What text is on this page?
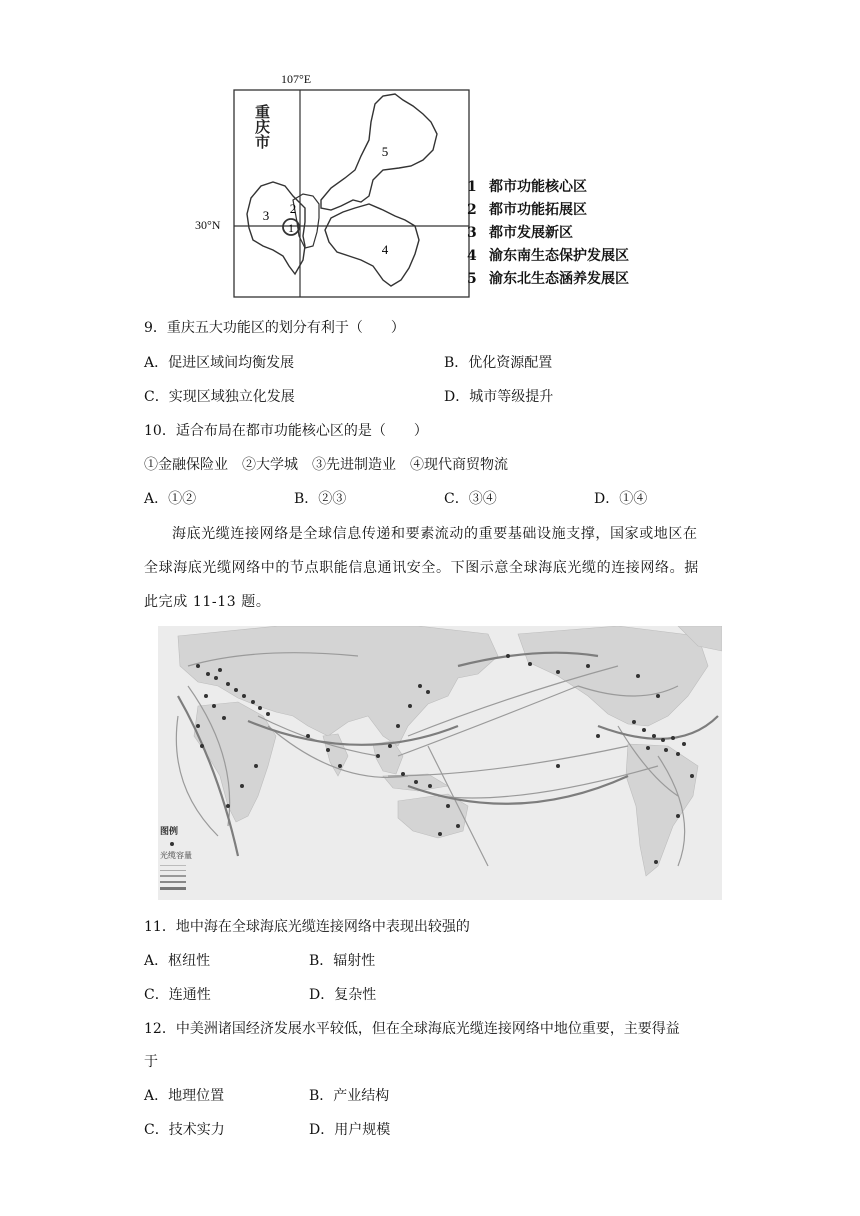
1
2
3
4
5
107°E
30°N
重庆市
1 都市功能核心区
2 都市功能拓展区
3 都市发展新区
4 渝东南生态保护发展区
5 渝东北生态涵养发展区
9．重庆五大功能区的划分有利于（　　）
A．促进区域间均衡发展	B．优化资源配置
C．实现区域独立化发展	D．城市等级提升
10．适合布局在都市功能核心区的是（　　）
①金融保险业　②大学城　③先进制造业　④现代商贸物流
A．①②	B．②③	C．③④	D．①④
海底光缆连接网络是全球信息传递和要素流动的重要基础设施支撑，国家或地区在
全球海底光缆网络中的节点职能信息通讯安全。下图示意全球海底光缆的连接网络。据
此完成 11-13 题。
图例
光缆容量
11．地中海在全球海底光缆连接网络中表现出较强的
A．枢纽性	B．辐射性
C．连通性	D．复杂性
12．中美洲诸国经济发展水平较低，但在全球海底光缆连接网络中地位重要，主要得益
于
A．地理位置	B．产业结构
C．技术实力	D．用户规模
